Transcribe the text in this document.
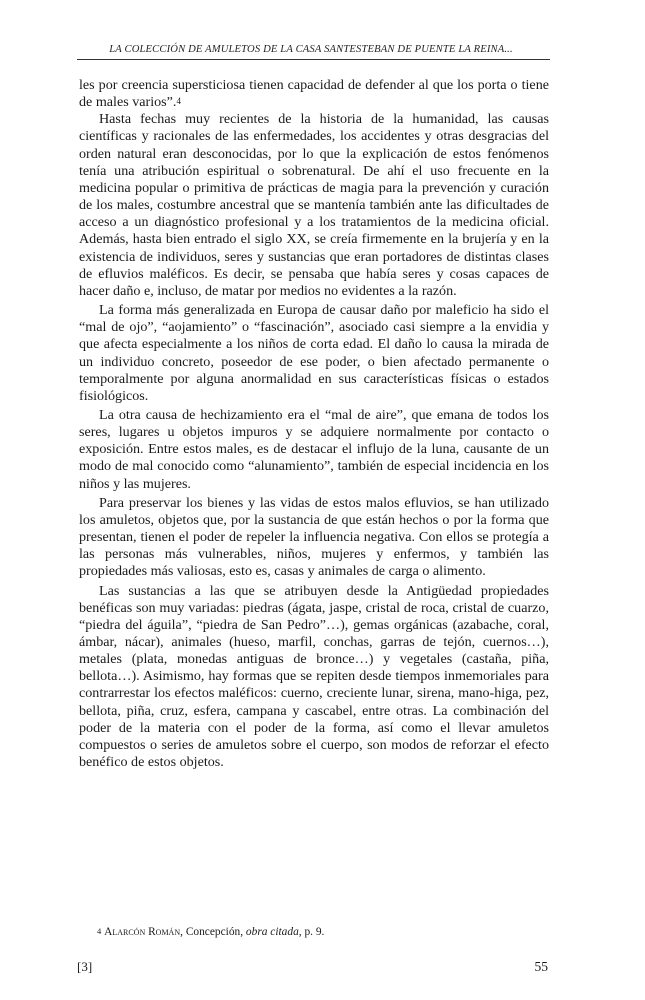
LA COLECCIÓN DE AMULETOS DE LA CASA SANTESTEBAN DE PUENTE LA REINA...

les por creencia supersticiosa tienen capacidad de defender al que los porta o tiene de males varios”.$^4$

Hasta fechas muy recientes de la historia de la humanidad, las causas científicas y racionales de las enfermedades, los accidentes y otras desgracias del orden natural eran desconocidas, por lo que la explicación de estos fenómenos tenía una atribución espiritual o sobrenatural. De ahí el uso frecuente en la medicina popular o primitiva de prácticas de magia para la prevención y curación de los males, costumbre ancestral que se mantenía también ante las dificultades de acceso a un diagnóstico profesional y a los tratamientos de la medicina oficial. Además, hasta bien entrado el siglo XX, se creía firmemente en la brujería y en la existencia de individuos, seres y sustancias que eran portadores de distintas clases de efluvios maléficos. Es decir, se pensaba que había seres y cosas capaces de hacer daño e, incluso, de matar por medios no evidentes a la razón.

La forma más generalizada en Europa de causar daño por maleficio ha sido el “mal de ojo”, “aojamiento” o “fascinación”, asociado casi siempre a la envidia y que afecta especialmente a los niños de corta edad. El daño lo causa la mirada de un individuo concreto, poseedor de ese poder, o bien afectado permanente o temporalmente por alguna anormalidad en sus características físicas o estados fisiológicos.

La otra causa de hechizamiento era el “mal de aire”, que emana de todos los seres, lugares u objetos impuros y se adquiere normalmente por contacto o exposición. Entre estos males, es de destacar el influjo de la luna, causante de un modo de mal conocido como “alunamiento”, también de especial incidencia en los niños y las mujeres.

Para preservar los bienes y las vidas de estos malos efluvios, se han utilizado los amuletos, objetos que, por la sustancia de que están hechos o por la forma que presentan, tienen el poder de repeler la influencia negativa. Con ellos se protegía a las personas más vulnerables, niños, mujeres y enfermos, y también las propiedades más valiosas, esto es, casas y animales de carga o alimento.

Las sustancias a las que se atribuyen desde la Antigüedad propiedades benéficas son muy variadas: piedras (ágata, jaspe, cristal de roca, cristal de cuarzo, “piedra del águila”, “piedra de San Pedro”…), gemas orgánicas (azabache, coral, ámbar, nácar), animales (hueso, marfil, conchas, garras de tejón, cuernos…), metales (plata, monedas antiguas de bronce…) y vegetales (castaña, piña, bellota…). Asimismo, hay formas que se repiten desde tiempos inmemoriales para contrarrestar los efectos maléficos: cuerno, creciente lunar, sirena, mano-higa, pez, bellota, piña, cruz, esfera, campana y cascabel, entre otras. La combinación del poder de la materia con el poder de la forma, así como el llevar amuletos compuestos o series de amuletos sobre el cuerpo, son modos de reforzar el efecto benéfico de estos objetos.

$^4$ Alarcón Román, Concepción, obra citada, p. 9.
[3]	55
